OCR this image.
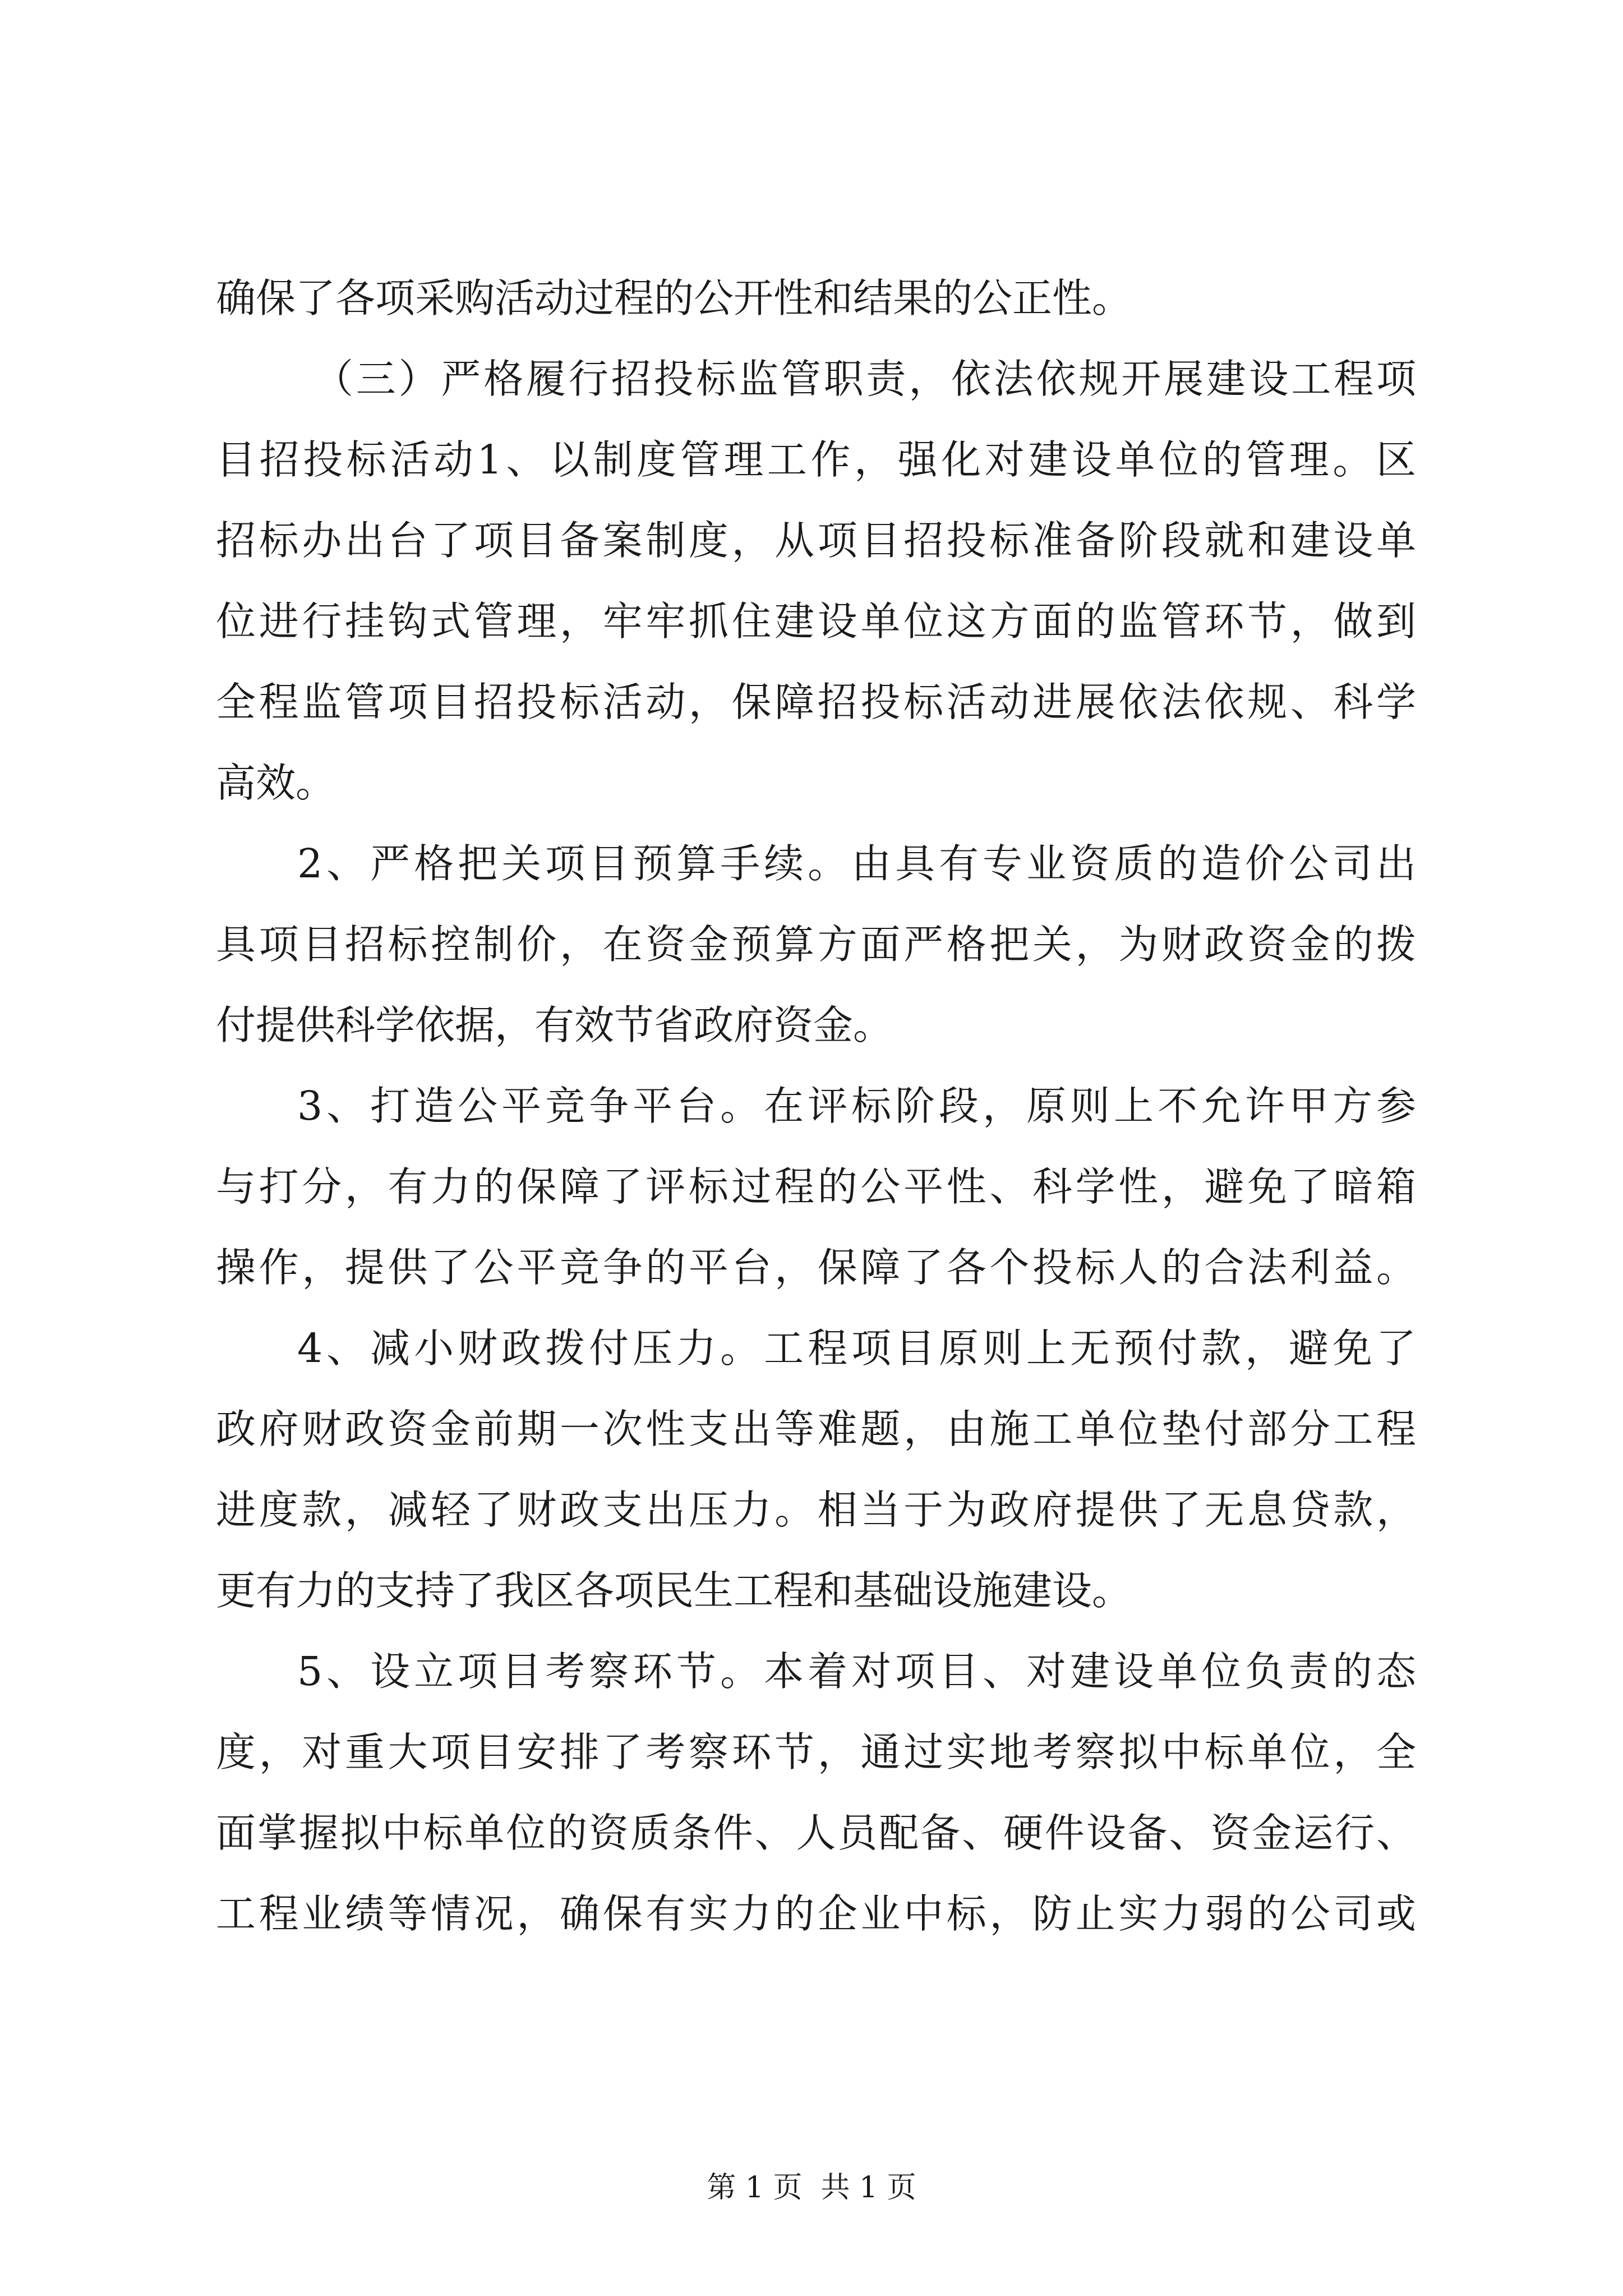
确保了各项采购活动过程的公开性和结果的公正性。
（三）严格履行招投标监管职责，依法依规开展建设工程项
目招投标活动1、以制度管理工作，强化对建设单位的管理。区
招标办出台了项目备案制度，从项目招投标准备阶段就和建设单
位进行挂钩式管理，牢牢抓住建设单位这方面的监管环节，做到
全程监管项目招投标活动，保障招投标活动进展依法依规、科学
高效。
2、严格把关项目预算手续。由具有专业资质的造价公司出
具项目招标控制价，在资金预算方面严格把关，为财政资金的拨
付提供科学依据，有效节省政府资金。
3、打造公平竞争平台。在评标阶段，原则上不允许甲方参
与打分，有力的保障了评标过程的公平性、科学性，避免了暗箱
操作，提供了公平竞争的平台，保障了各个投标人的合法利益。
4、减小财政拨付压力。工程项目原则上无预付款，避免了
政府财政资金前期一次性支出等难题，由施工单位垫付部分工程
进度款，减轻了财政支出压力。相当于为政府提供了无息贷款，
更有力的支持了我区各项民生工程和基础设施建设。
5、设立项目考察环节。本着对项目、对建设单位负责的态
度，对重大项目安排了考察环节，通过实地考察拟中标单位，全
面掌握拟中标单位的资质条件、人员配备、硬件设备、资金运行、
工程业绩等情况，确保有实力的企业中标，防止实力弱的公司或
第 1 页  共 1 页
